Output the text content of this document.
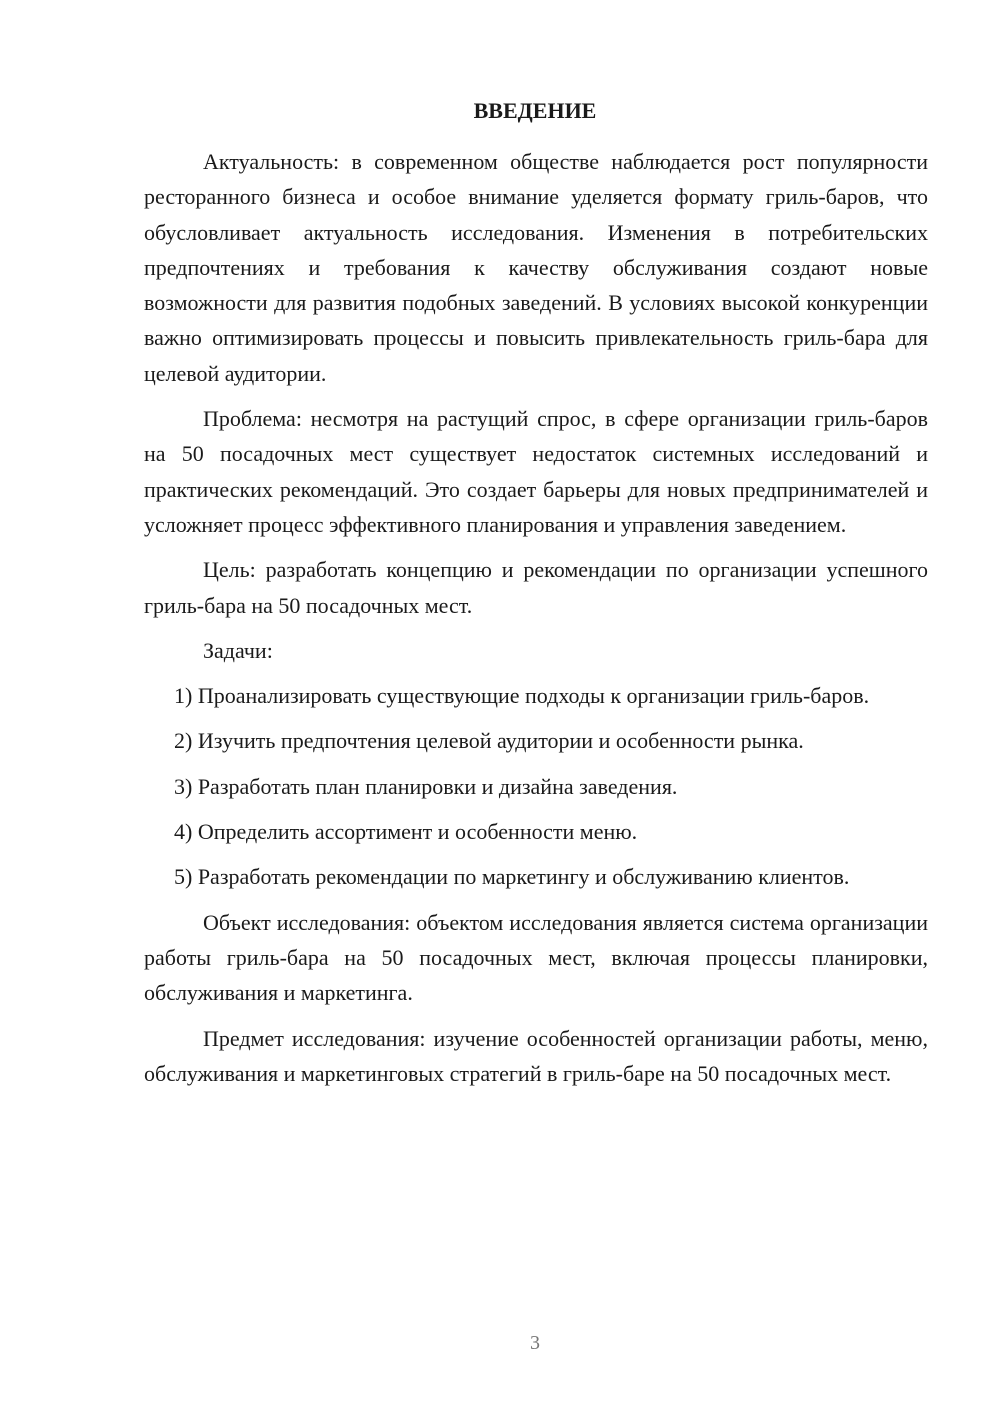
ВВЕДЕНИЕ

Актуальность: в современном обществе наблюдается рост популярности ресторанного бизнеса и особое внимание уделяется формату гриль-баров, что обусловливает актуальность исследования. Изменения в потребительских предпочтениях и требования к качеству обслуживания создают новые возможности для развития подобных заведений. В условиях высокой конкуренции важно оптимизировать процессы и повысить привлекательность гриль-бара для целевой аудитории.

Проблема: несмотря на растущий спрос, в сфере организации гриль-баров на 50 посадочных мест существует недостаток системных исследований и практических рекомендаций. Это создает барьеры для новых предпринимателей и усложняет процесс эффективного планирования и управления заведением.

Цель: разработать концепцию и рекомендации по организации успешного гриль-бара на 50 посадочных мест.

Задачи:

1) Проанализировать существующие подходы к организации гриль-баров.

2) Изучить предпочтения целевой аудитории и особенности рынка.

3) Разработать план планировки и дизайна заведения.

4) Определить ассортимент и особенности меню.

5) Разработать рекомендации по маркетингу и обслуживанию клиентов.

Объект исследования: объектом исследования является система организации работы гриль-бара на 50 посадочных мест, включая процессы планировки, обслуживания и маркетинга.

Предмет исследования: изучение особенностей организации работы, меню, обслуживания и маркетинговых стратегий в гриль-баре на 50 посадочных мест.

3
